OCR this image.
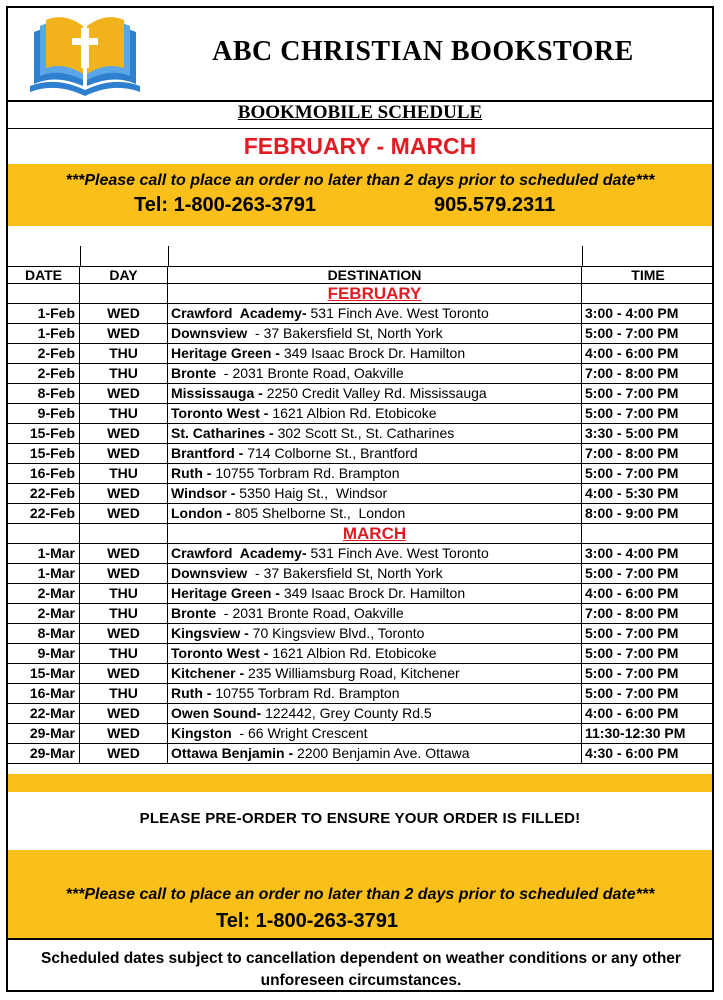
ABC CHRISTIAN BOOKSTORE
BOOKMOBILE SCHEDULE
FEBRUARY - MARCH
***Please call to place an order no later than 2 days prior to scheduled date***
Tel: 1-800-263-3791	905.579.2311
DATE	DAY	DESTINATION	TIME
FEBRUARY
1-Feb	WED	Crawford  Academy- 531 Finch Ave. West Toronto	3:00 - 4:00 PM
1-Feb	WED	Downsview  - 37 Bakersfield St, North York	5:00 - 7:00 PM
2-Feb	THU	Heritage Green - 349 Isaac Brock Dr. Hamilton	4:00 - 6:00 PM
2-Feb	THU	Bronte  - 2031 Bronte Road, Oakville	7:00 - 8:00 PM
8-Feb	WED	Mississauga - 2250 Credit Valley Rd. Mississauga	5:00 - 7:00 PM
9-Feb	THU	Toronto West - 1621 Albion Rd. Etobicoke	5:00 - 7:00 PM
15-Feb	WED	St. Catharines - 302 Scott St., St. Catharines	3:30 - 5:00 PM
15-Feb	WED	Brantford - 714 Colborne St., Brantford	7:00 - 8:00 PM
16-Feb	THU	Ruth - 10755 Torbram Rd. Brampton	5:00 - 7:00 PM
22-Feb	WED	Windsor - 5350 Haig St.,  Windsor	4:00 - 5:30 PM
22-Feb	WED	London - 805 Shelborne St.,  London	8:00 - 9:00 PM
MARCH
1-Mar	WED	Crawford  Academy- 531 Finch Ave. West Toronto	3:00 - 4:00 PM
1-Mar	WED	Downsview  - 37 Bakersfield St, North York	5:00 - 7:00 PM
2-Mar	THU	Heritage Green - 349 Isaac Brock Dr. Hamilton	4:00 - 6:00 PM
2-Mar	THU	Bronte  - 2031 Bronte Road, Oakville	7:00 - 8:00 PM
8-Mar	WED	Kingsview - 70 Kingsview Blvd., Toronto	5:00 - 7:00 PM
9-Mar	THU	Toronto West - 1621 Albion Rd. Etobicoke	5:00 - 7:00 PM
15-Mar	WED	Kitchener - 235 Williamsburg Road, Kitchener	5:00 - 7:00 PM
16-Mar	THU	Ruth - 10755 Torbram Rd. Brampton	5:00 - 7:00 PM
22-Mar	WED	Owen Sound- 122442, Grey County Rd.5	4:00 - 6:00 PM
29-Mar	WED	Kingston  - 66 Wright Crescent	11:30-12:30 PM
29-Mar	WED	Ottawa Benjamin - 2200 Benjamin Ave. Ottawa	4:30 - 6:00 PM
PLEASE PRE-ORDER TO ENSURE YOUR ORDER IS FILLED!
***Please call to place an order no later than 2 days prior to scheduled date***
Tel: 1-800-263-3791
Scheduled dates subject to cancellation dependent on weather conditions or any other unforeseen circumstances.
